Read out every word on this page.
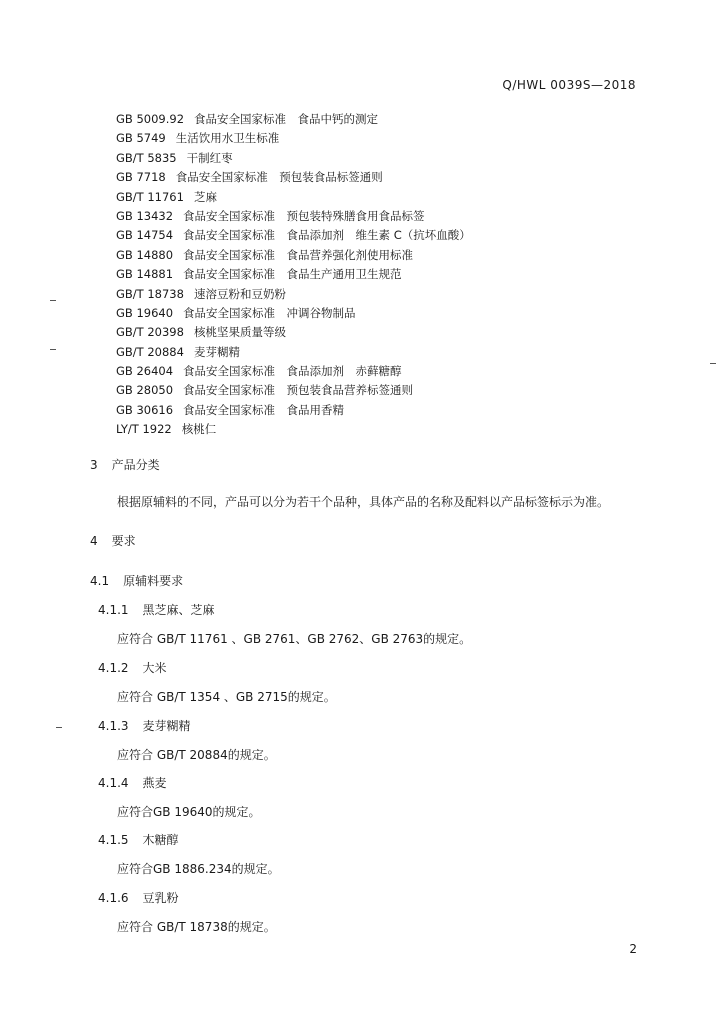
Q/HWL 0039S—2018
GB 5009.92 食品安全国家标准　食品中钙的测定
GB 5749 生活饮用水卫生标准
GB/T 5835 干制红枣
GB 7718 食品安全国家标准　预包装食品标签通则
GB/T 11761 芝麻
GB 13432 食品安全国家标准　预包装特殊膳食用食品标签
GB 14754 食品安全国家标准　食品添加剂　维生素 C（抗坏血酸）
GB 14880 食品安全国家标准　食品营养强化剂使用标准
GB 14881 食品安全国家标准　食品生产通用卫生规范
GB/T 18738 速溶豆粉和豆奶粉
GB 19640 食品安全国家标准　冲调谷物制品
GB/T 20398 核桃坚果质量等级
GB/T 20884 麦芽糊精
GB 26404 食品安全国家标准　食品添加剂　赤藓糖醇
GB 28050 食品安全国家标准　预包装食品营养标签通则
GB 30616 食品安全国家标准　食品用香精
LY/T 1922 核桃仁
3 产品分类
根据原辅料的不同，产品可以分为若干个品种，具体产品的名称及配料以产品标签标示为准。
4 要求
4.1 原辅料要求
4.1.1 黑芝麻、芝麻
应符合 GB/T 11761 、GB 2761、GB 2762、GB 2763的规定。
4.1.2 大米
应符合 GB/T 1354 、GB 2715的规定。
4.1.3 麦芽糊精
应符合 GB/T 20884的规定。
4.1.4 燕麦
应符合GB 19640的规定。
4.1.5 木糖醇
应符合GB 1886.234的规定。
4.1.6 豆乳粉
应符合 GB/T 18738的规定。
2
